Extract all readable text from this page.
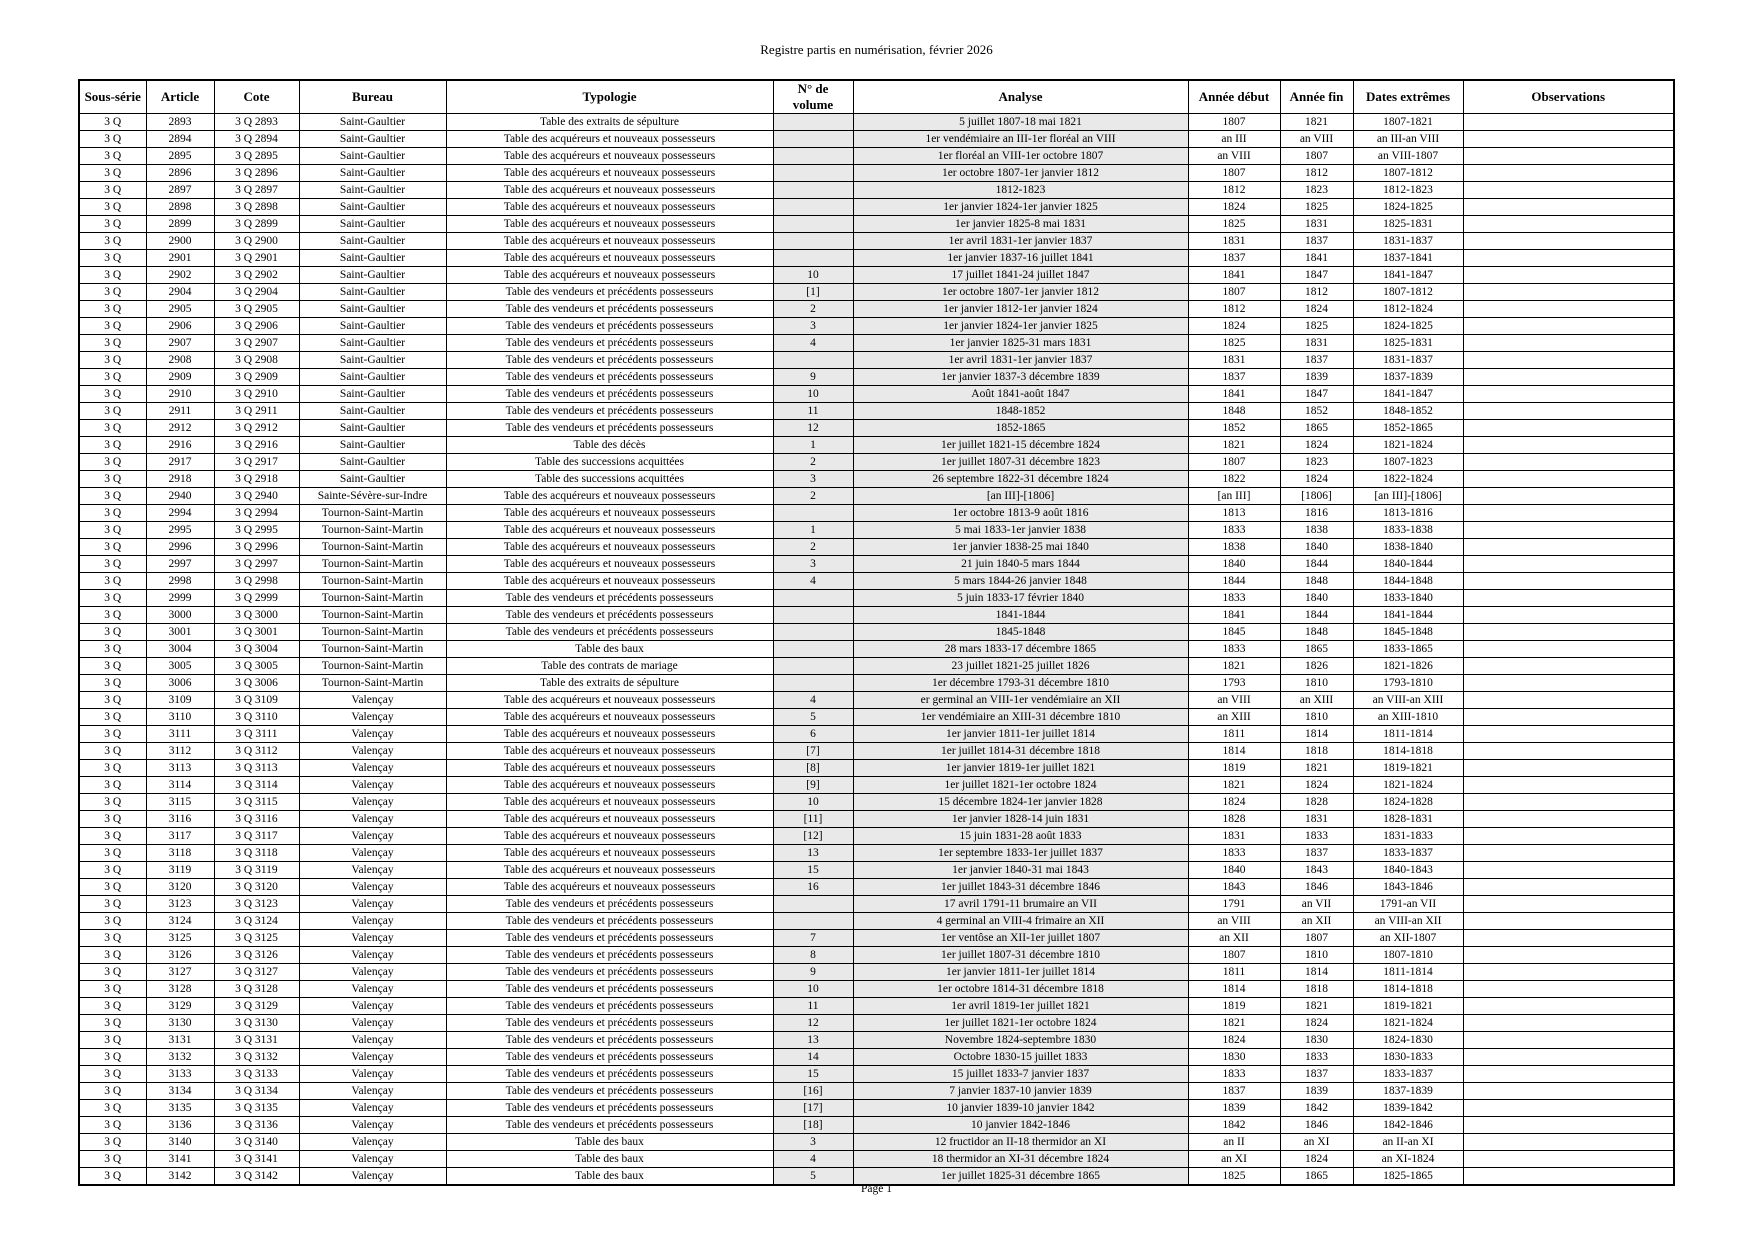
Registre partis en numérisation, février 2026
Sous-série	Article	Cote	Bureau	Typologie	N° de volume	Analyse	Année début	Année fin	Dates extrêmes	Observations
3 Q	2893	3 Q 2893	Saint-Gaultier	Table des extraits de sépulture		5 juillet 1807-18 mai 1821	1807	1821	1807-1821	
3 Q	2894	3 Q 2894	Saint-Gaultier	Table des acquéreurs et nouveaux possesseurs		1er vendémiaire an III-1er floréal an VIII	an III	an VIII	an III-an VIII	
3 Q	2895	3 Q 2895	Saint-Gaultier	Table des acquéreurs et nouveaux possesseurs		1er floréal an VIII-1er octobre 1807	an VIII	1807	an VIII-1807	
3 Q	2896	3 Q 2896	Saint-Gaultier	Table des acquéreurs et nouveaux possesseurs		1er octobre 1807-1er janvier 1812	1807	1812	1807-1812	
3 Q	2897	3 Q 2897	Saint-Gaultier	Table des acquéreurs et nouveaux possesseurs		1812-1823	1812	1823	1812-1823	
3 Q	2898	3 Q 2898	Saint-Gaultier	Table des acquéreurs et nouveaux possesseurs		1er janvier 1824-1er janvier 1825	1824	1825	1824-1825	
3 Q	2899	3 Q 2899	Saint-Gaultier	Table des acquéreurs et nouveaux possesseurs		1er janvier 1825-8 mai 1831	1825	1831	1825-1831	
3 Q	2900	3 Q 2900	Saint-Gaultier	Table des acquéreurs et nouveaux possesseurs		1er avril 1831-1er janvier 1837	1831	1837	1831-1837	
3 Q	2901	3 Q 2901	Saint-Gaultier	Table des acquéreurs et nouveaux possesseurs		1er janvier 1837-16 juillet 1841	1837	1841	1837-1841	
3 Q	2902	3 Q 2902	Saint-Gaultier	Table des acquéreurs et nouveaux possesseurs	10	17 juillet 1841-24 juillet 1847	1841	1847	1841-1847	
3 Q	2904	3 Q 2904	Saint-Gaultier	Table des vendeurs et précédents possesseurs	[1]	1er octobre 1807-1er janvier 1812	1807	1812	1807-1812	
3 Q	2905	3 Q 2905	Saint-Gaultier	Table des vendeurs et précédents possesseurs	2	1er janvier 1812-1er janvier 1824	1812	1824	1812-1824	
3 Q	2906	3 Q 2906	Saint-Gaultier	Table des vendeurs et précédents possesseurs	3	1er janvier 1824-1er janvier 1825	1824	1825	1824-1825	
3 Q	2907	3 Q 2907	Saint-Gaultier	Table des vendeurs et précédents possesseurs	4	1er janvier 1825-31 mars 1831	1825	1831	1825-1831	
3 Q	2908	3 Q 2908	Saint-Gaultier	Table des vendeurs et précédents possesseurs		1er avril 1831-1er janvier 1837	1831	1837	1831-1837	
3 Q	2909	3 Q 2909	Saint-Gaultier	Table des vendeurs et précédents possesseurs	9	1er janvier 1837-3 décembre 1839	1837	1839	1837-1839	
3 Q	2910	3 Q 2910	Saint-Gaultier	Table des vendeurs et précédents possesseurs	10	Août 1841-août 1847	1841	1847	1841-1847	
3 Q	2911	3 Q 2911	Saint-Gaultier	Table des vendeurs et précédents possesseurs	11	1848-1852	1848	1852	1848-1852	
3 Q	2912	3 Q 2912	Saint-Gaultier	Table des vendeurs et précédents possesseurs	12	1852-1865	1852	1865	1852-1865	
3 Q	2916	3 Q 2916	Saint-Gaultier	Table des décès	1	1er juillet 1821-15 décembre 1824	1821	1824	1821-1824	
3 Q	2917	3 Q 2917	Saint-Gaultier	Table des successions acquittées	2	1er juillet 1807-31 décembre 1823	1807	1823	1807-1823	
3 Q	2918	3 Q 2918	Saint-Gaultier	Table des successions acquittées	3	26 septembre 1822-31 décembre 1824	1822	1824	1822-1824	
3 Q	2940	3 Q 2940	Sainte-Sévère-sur-Indre	Table des acquéreurs et nouveaux possesseurs	2	[an III]-[1806]	[an III]	[1806]	[an III]-[1806]	
3 Q	2994	3 Q 2994	Tournon-Saint-Martin	Table des acquéreurs et nouveaux possesseurs		1er octobre 1813-9 août 1816	1813	1816	1813-1816	
3 Q	2995	3 Q 2995	Tournon-Saint-Martin	Table des acquéreurs et nouveaux possesseurs	1	5 mai 1833-1er janvier 1838	1833	1838	1833-1838	
3 Q	2996	3 Q 2996	Tournon-Saint-Martin	Table des acquéreurs et nouveaux possesseurs	2	1er janvier 1838-25 mai 1840	1838	1840	1838-1840	
3 Q	2997	3 Q 2997	Tournon-Saint-Martin	Table des acquéreurs et nouveaux possesseurs	3	21 juin 1840-5 mars 1844	1840	1844	1840-1844	
3 Q	2998	3 Q 2998	Tournon-Saint-Martin	Table des acquéreurs et nouveaux possesseurs	4	5 mars 1844-26 janvier 1848	1844	1848	1844-1848	
3 Q	2999	3 Q 2999	Tournon-Saint-Martin	Table des vendeurs et précédents possesseurs		5 juin 1833-17 février 1840	1833	1840	1833-1840	
3 Q	3000	3 Q 3000	Tournon-Saint-Martin	Table des vendeurs et précédents possesseurs		1841-1844	1841	1844	1841-1844	
3 Q	3001	3 Q 3001	Tournon-Saint-Martin	Table des vendeurs et précédents possesseurs		1845-1848	1845	1848	1845-1848	
3 Q	3004	3 Q 3004	Tournon-Saint-Martin	Table des baux		28 mars 1833-17 décembre 1865	1833	1865	1833-1865	
3 Q	3005	3 Q 3005	Tournon-Saint-Martin	Table des contrats de mariage		23 juillet 1821-25 juillet 1826	1821	1826	1821-1826	
3 Q	3006	3 Q 3006	Tournon-Saint-Martin	Table des extraits de sépulture		1er décembre 1793-31 décembre 1810	1793	1810	1793-1810	
3 Q	3109	3 Q 3109	Valençay	Table des acquéreurs et nouveaux possesseurs	4	er germinal an VIII-1er vendémiaire an XII	an VIII	an XIII	an VIII-an XIII	
3 Q	3110	3 Q 3110	Valençay	Table des acquéreurs et nouveaux possesseurs	5	1er vendémiaire an XIII-31 décembre 1810	an XIII	1810	an XIII-1810	
3 Q	3111	3 Q 3111	Valençay	Table des acquéreurs et nouveaux possesseurs	6	1er janvier 1811-1er juillet 1814	1811	1814	1811-1814	
3 Q	3112	3 Q 3112	Valençay	Table des acquéreurs et nouveaux possesseurs	[7]	1er juillet 1814-31 décembre 1818	1814	1818	1814-1818	
3 Q	3113	3 Q 3113	Valençay	Table des acquéreurs et nouveaux possesseurs	[8]	1er janvier 1819-1er juillet 1821	1819	1821	1819-1821	
3 Q	3114	3 Q 3114	Valençay	Table des acquéreurs et nouveaux possesseurs	[9]	1er juillet 1821-1er octobre 1824	1821	1824	1821-1824	
3 Q	3115	3 Q 3115	Valençay	Table des acquéreurs et nouveaux possesseurs	10	15 décembre 1824-1er janvier 1828	1824	1828	1824-1828	
3 Q	3116	3 Q 3116	Valençay	Table des acquéreurs et nouveaux possesseurs	[11]	1er janvier 1828-14 juin 1831	1828	1831	1828-1831	
3 Q	3117	3 Q 3117	Valençay	Table des acquéreurs et nouveaux possesseurs	[12]	15 juin 1831-28 août 1833	1831	1833	1831-1833	
3 Q	3118	3 Q 3118	Valençay	Table des acquéreurs et nouveaux possesseurs	13	1er septembre 1833-1er juillet 1837	1833	1837	1833-1837	
3 Q	3119	3 Q 3119	Valençay	Table des acquéreurs et nouveaux possesseurs	15	1er janvier 1840-31 mai 1843	1840	1843	1840-1843	
3 Q	3120	3 Q 3120	Valençay	Table des acquéreurs et nouveaux possesseurs	16	1er juillet 1843-31 décembre 1846	1843	1846	1843-1846	
3 Q	3123	3 Q 3123	Valençay	Table des vendeurs et précédents possesseurs		17 avril 1791-11 brumaire an VII	1791	an VII	1791-an VII	
3 Q	3124	3 Q 3124	Valençay	Table des vendeurs et précédents possesseurs		4 germinal an VIII-4 frimaire an XII	an VIII	an XII	an VIII-an XII	
3 Q	3125	3 Q 3125	Valençay	Table des vendeurs et précédents possesseurs	7	1er ventôse an XII-1er juillet 1807	an XII	1807	an XII-1807	
3 Q	3126	3 Q 3126	Valençay	Table des vendeurs et précédents possesseurs	8	1er juillet 1807-31 décembre 1810	1807	1810	1807-1810	
3 Q	3127	3 Q 3127	Valençay	Table des vendeurs et précédents possesseurs	9	1er janvier 1811-1er juillet 1814	1811	1814	1811-1814	
3 Q	3128	3 Q 3128	Valençay	Table des vendeurs et précédents possesseurs	10	1er octobre 1814-31 décembre 1818	1814	1818	1814-1818	
3 Q	3129	3 Q 3129	Valençay	Table des vendeurs et précédents possesseurs	11	1er avril 1819-1er juillet 1821	1819	1821	1819-1821	
3 Q	3130	3 Q 3130	Valençay	Table des vendeurs et précédents possesseurs	12	1er juillet 1821-1er octobre 1824	1821	1824	1821-1824	
3 Q	3131	3 Q 3131	Valençay	Table des vendeurs et précédents possesseurs	13	Novembre 1824-septembre 1830	1824	1830	1824-1830	
3 Q	3132	3 Q 3132	Valençay	Table des vendeurs et précédents possesseurs	14	Octobre 1830-15 juillet 1833	1830	1833	1830-1833	
3 Q	3133	3 Q 3133	Valençay	Table des vendeurs et précédents possesseurs	15	15 juillet 1833-7 janvier 1837	1833	1837	1833-1837	
3 Q	3134	3 Q 3134	Valençay	Table des vendeurs et précédents possesseurs	[16]	7 janvier 1837-10 janvier 1839	1837	1839	1837-1839	
3 Q	3135	3 Q 3135	Valençay	Table des vendeurs et précédents possesseurs	[17]	10 janvier 1839-10 janvier 1842	1839	1842	1839-1842	
3 Q	3136	3 Q 3136	Valençay	Table des vendeurs et précédents possesseurs	[18]	10 janvier 1842-1846	1842	1846	1842-1846	
3 Q	3140	3 Q 3140	Valençay	Table des baux	3	12 fructidor an II-18 thermidor an XI	an II	an XI	an II-an XI	
3 Q	3141	3 Q 3141	Valençay	Table des baux	4	18 thermidor an XI-31 décembre 1824	an XI	1824	an XI-1824	
3 Q	3142	3 Q 3142	Valençay	Table des baux	5	1er juillet 1825-31 décembre 1865	1825	1865	1825-1865	
Page 1
